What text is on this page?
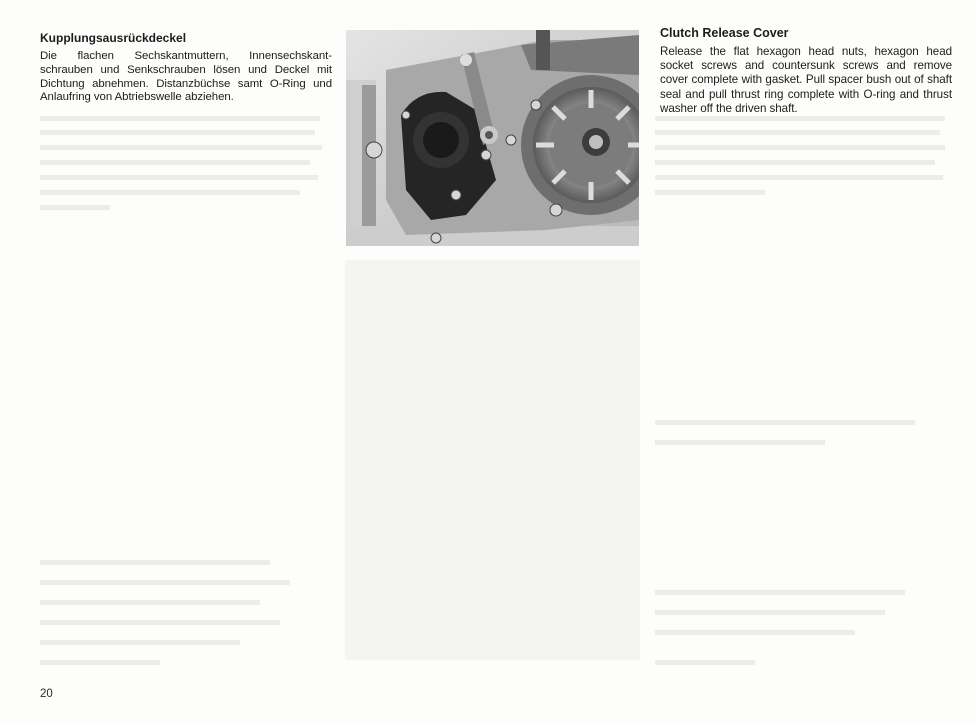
Kupplungsausrückdeckel

Die flachen Sechskantmuttern, Innensechskant-schrauben und Senkschrauben lösen und Deckel mit Dichtung abnehmen. Distanzbüchse samt O-Ring und Anlaufring von Abtriebswelle abziehen.

Clutch Release Cover

Release the flat hexagon head nuts, hexagon head socket screws and countersunk screws and remove cover complete with gasket. Pull spacer bush out of shaft seal and pull thrust ring complete with O-ring and thrust washer off the driven shaft.

20
